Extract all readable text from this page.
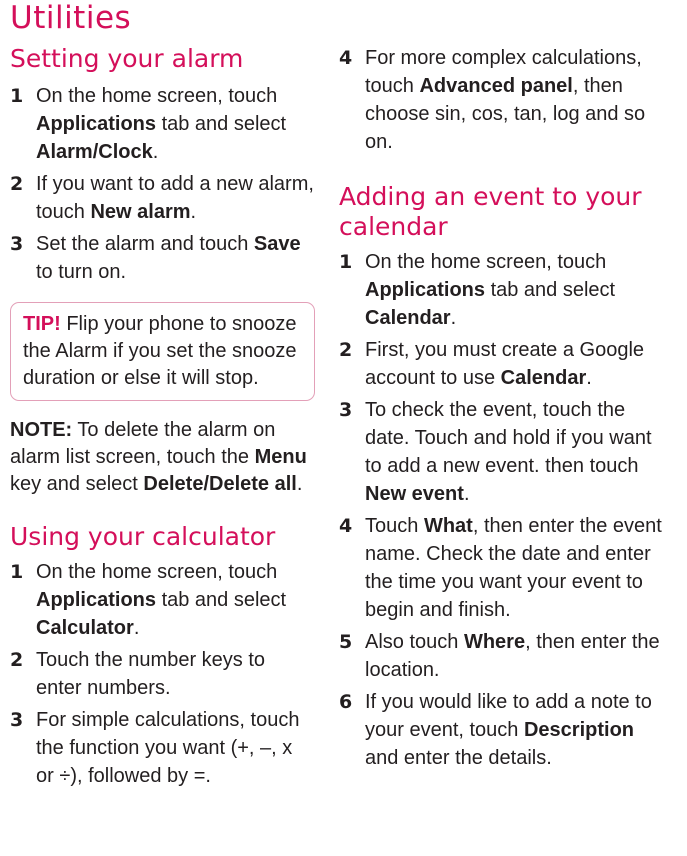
Utilities
Setting your alarm
1 On the home screen, touch Applications tab and select Alarm/Clock.
2 If you want to add a new alarm, touch New alarm.
3 Set the alarm and touch Save to turn on.
TIP! Flip your phone to snooze the Alarm if you set the snooze duration or else it will stop.
NOTE: To delete the alarm on alarm list screen, touch the Menu key and select Delete/Delete all.
Using your calculator
1 On the home screen, touch Applications tab and select Calculator.
2 Touch the number keys to enter numbers.
3 For simple calculations, touch the function you want (+, –, x or ÷), followed by =.
4 For more complex calculations, touch Advanced panel, then choose sin, cos, tan, log and so on.
Adding an event to your calendar
1 On the home screen, touch Applications tab and select Calendar.
2 First, you must create a Google account to use Calendar.
3 To check the event, touch the date. Touch and hold if you want to add a new event. then touch New event.
4 Touch What, then enter the event name. Check the date and enter the time you want your event to begin and finish.
5 Also touch Where, then enter the location.
6 If you would like to add a note to your event, touch Description and enter the details.
